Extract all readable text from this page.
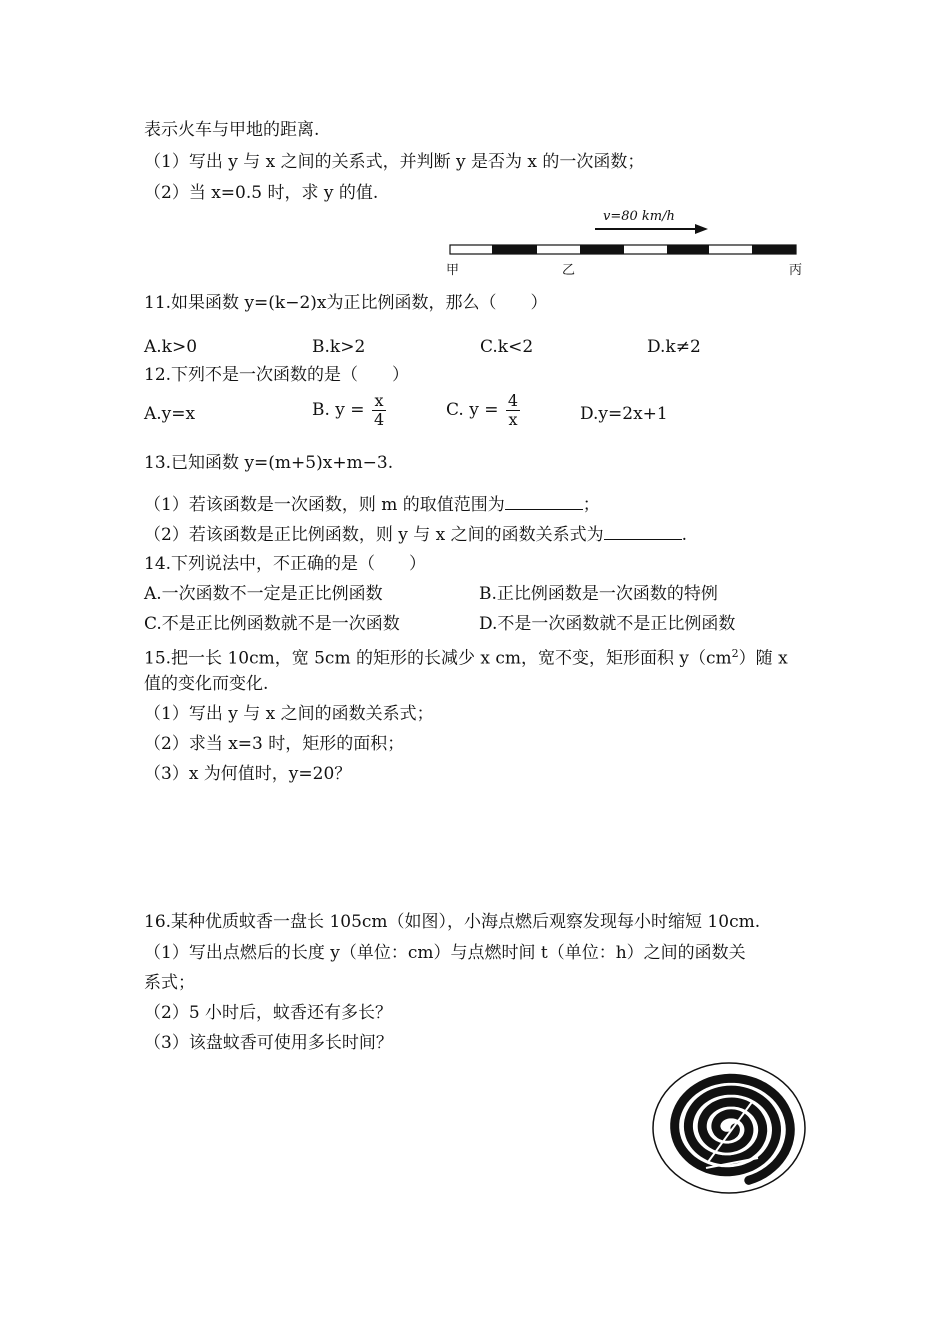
表示火车与甲地的距离.
（1）写出 y 与 x 之间的关系式，并判断 y 是否为 x 的一次函数；
（2）当 x=0.5 时，求 y 的值.
v=80 km/h
甲	乙	丙
11.如果函数 y=(k−2)x为正比例函数，那么（　　）
A.k>0	B.k>2	C.k<2	D.k≠2
12.下列不是一次函数的是（　　）
A.y=x	B. $y = \frac{x}{4}$	C. $y = \frac{4}{x}$	D.y=2x+1
13.已知函数 y=(m+5)x+m−3.
（1）若该函数是一次函数，则 m 的取值范围为	；
（2）若该函数是正比例函数，则 y 与 x 之间的函数关系式为	.
14.下列说法中，不正确的是（　　）
A.一次函数不一定是正比例函数	B.正比例函数是一次函数的特例
C.不是正比例函数就不是一次函数	D.不是一次函数就不是正比例函数
15.把一长 10cm，宽 5cm 的矩形的长减少 x cm，宽不变，矩形面积 $y(cm^2)$随 x
值的变化而变化.
（1）写出 y 与 x 之间的函数关系式；
（2）求当 x=3 时，矩形的面积；
（3）x 为何值时，y=20？
16.某种优质蚊香一盘长 105cm（如图），小海点燃后观察发现每小时缩短 10cm.
（1）写出点燃后的长度 y（单位：cm）与点燃时间 t（单位：h）之间的函数关
系式；
（2）5 小时后，蚊香还有多长？
（3）该盘蚊香可使用多长时间？
